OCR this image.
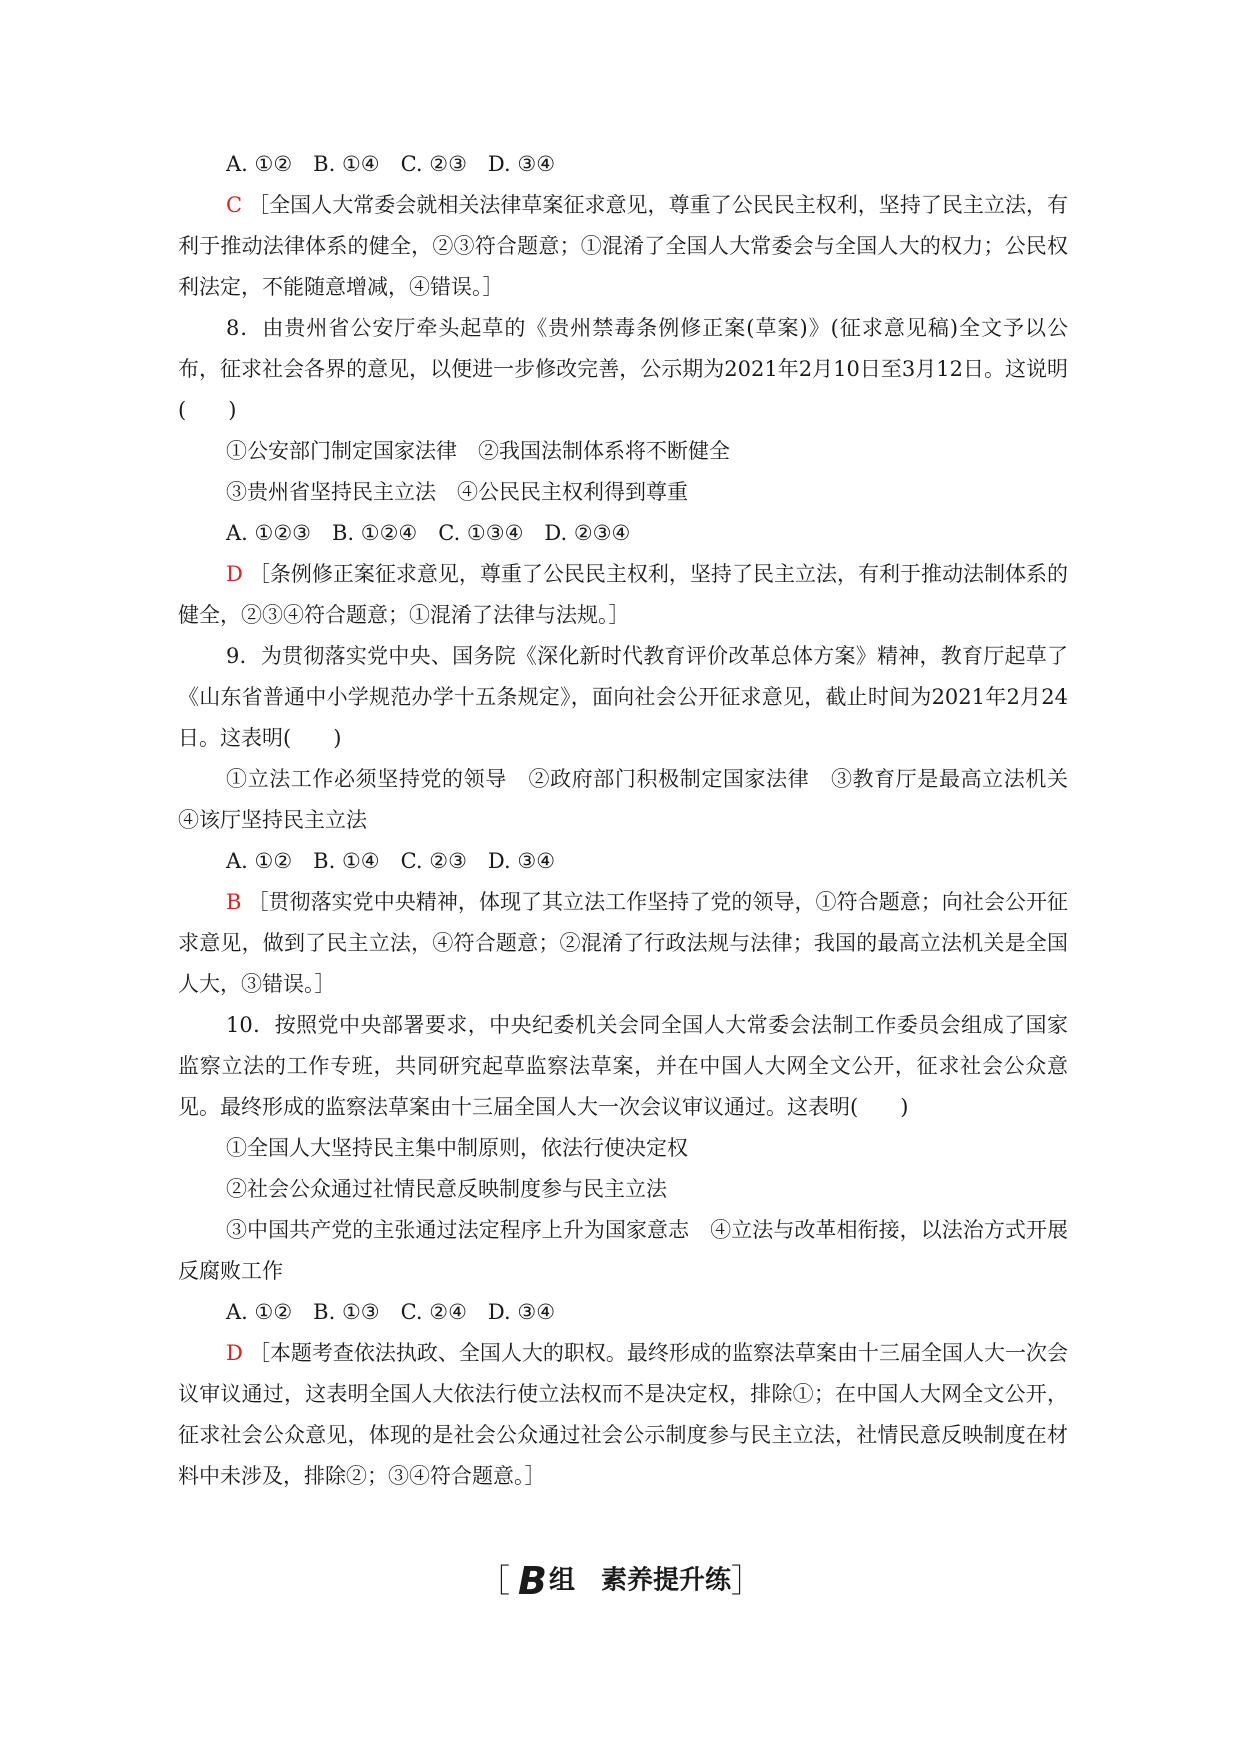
A. ①②　B. ①④　C. ②③　D. ③④

C ［全国人大常委会就相关法律草案征求意见，尊重了公民民主权利，坚持了民主立法，有利于推动法律体系的健全，②③符合题意；①混淆了全国人大常委会与全国人大的权力；公民权利法定，不能随意增减，④错误。］

8．由贵州省公安厅牵头起草的《贵州禁毒条例修正案(草案)》(征求意见稿)全文予以公布，征求社会各界的意见，以便进一步修改完善，公示期为2021年2月10日至3月12日。这说明(　　)

①公安部门制定国家法律　②我国法制体系将不断健全

③贵州省坚持民主立法　④公民民主权利得到尊重

A. ①②③　B. ①②④　C. ①③④　D. ②③④

D ［条例修正案征求意见，尊重了公民民主权利，坚持了民主立法，有利于推动法制体系的健全，②③④符合题意；①混淆了法律与法规。］

9．为贯彻落实党中央、国务院《深化新时代教育评价改革总体方案》精神，教育厅起草了《山东省普通中小学规范办学十五条规定》，面向社会公开征求意见，截止时间为2021年2月24日。这表明(　　)

①立法工作必须坚持党的领导　②政府部门积极制定国家法律　③教育厅是最高立法机关　④该厅坚持民主立法

A. ①②　B. ①④　C. ②③　D. ③④

B ［贯彻落实党中央精神，体现了其立法工作坚持了党的领导，①符合题意；向社会公开征求意见，做到了民主立法，④符合题意；②混淆了行政法规与法律；我国的最高立法机关是全国人大，③错误。］

10．按照党中央部署要求，中央纪委机关会同全国人大常委会法制工作委员会组成了国家监察立法的工作专班，共同研究起草监察法草案，并在中国人大网全文公开，征求社会公众意见。最终形成的监察法草案由十三届全国人大一次会议审议通过。这表明(　　)

①全国人大坚持民主集中制原则，依法行使决定权

②社会公众通过社情民意反映制度参与民主立法

③中国共产党的主张通过法定程序上升为国家意志　④立法与改革相衔接，以法治方式开展反腐败工作

A. ①②　B. ①③　C. ②④　D. ③④

D ［本题考查依法执政、全国人大的职权。最终形成的监察法草案由十三届全国人大一次会议审议通过，这表明全国人大依法行使立法权而不是决定权，排除①；在中国人大网全文公开，征求社会公众意见，体现的是社会公众通过社会公示制度参与民主立法，社情民意反映制度在材料中未涉及，排除②；③④符合题意。］

［ B组　素养提升练］
